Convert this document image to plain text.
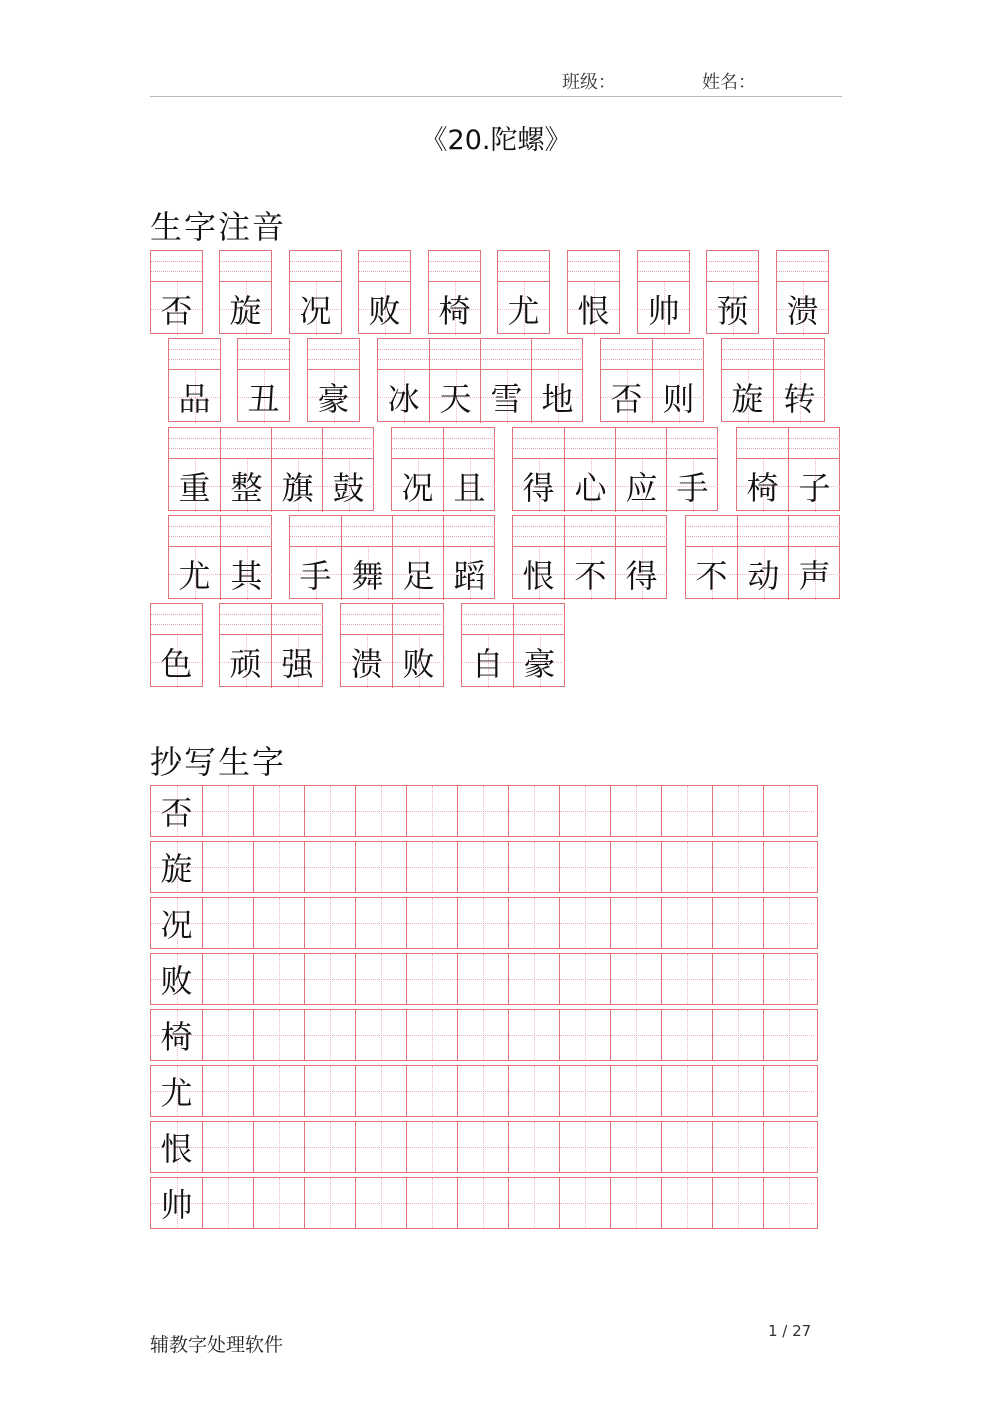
班级：	姓名：
《20.陀螺》
生字注音
否 旋 况 败 椅 尤 恨 帅 预 溃
品 丑 豪 冰 天 雪 地 否 则 旋 转
重 整 旗 鼓 况 且 得 心 应 手 椅 子
尤 其 手 舞 足 蹈 恨 不 得 不 动 声
色 顽 强 溃 败 自 豪
抄写生字
否
旋
况
败
椅
尤
恨
帅
辅教字处理软件
1 / 27
